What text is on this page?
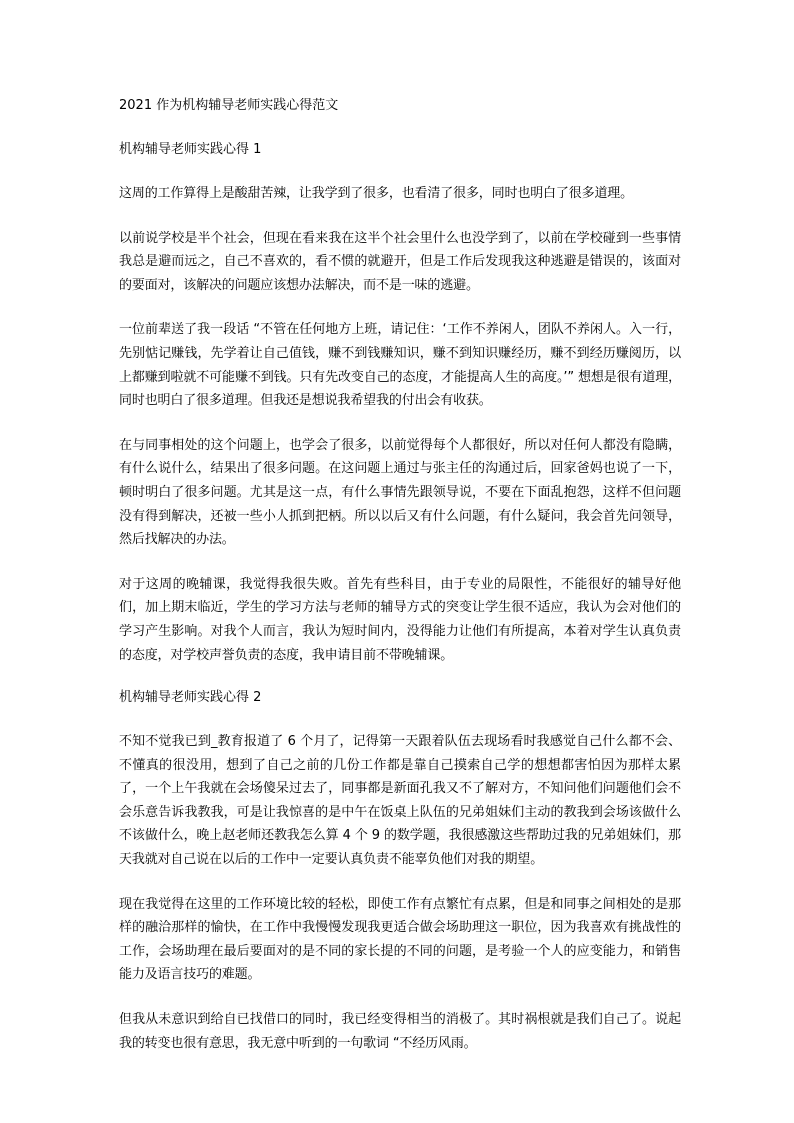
2021 作为机构辅导老师实践心得范文

机构辅导老师实践心得 1

这周的工作算得上是酸甜苦辣，让我学到了很多，也看清了很多，同时也明白了很多道理。

以前说学校是半个社会，但现在看来我在这半个社会里什么也没学到了，以前在学校碰到一些事情我总是避而远之，自己不喜欢的，看不惯的就避开，但是工作后发现我这种逃避是错误的，该面对的要面对，该解决的问题应该想办法解决，而不是一味的逃避。

一位前辈送了我一段话 “不管在任何地方上班，请记住：‘工作不养闲人，团队不养闲人。入一行，先别惦记赚钱，先学着让自己值钱，赚不到钱赚知识，赚不到知识赚经历，赚不到经历赚阅历，以上都赚到啦就不可能赚不到钱。只有先改变自己的态度，才能提高人生的高度。’” 想想是很有道理，同时也明白了很多道理。但我还是想说我希望我的付出会有收获。

在与同事相处的这个问题上，也学会了很多，以前觉得每个人都很好，所以对任何人都没有隐瞒，有什么说什么，结果出了很多问题。在这问题上通过与张主任的沟通过后，回家爸妈也说了一下，顿时明白了很多问题。尤其是这一点，有什么事情先跟领导说，不要在下面乱抱怨，这样不但问题没有得到解决，还被一些小人抓到把柄。所以以后又有什么问题，有什么疑问，我会首先问领导，然后找解决的办法。

对于这周的晚辅课，我觉得我很失败。首先有些科目，由于专业的局限性，不能很好的辅导好他们，加上期末临近，学生的学习方法与老师的辅导方式的突变让学生很不适应，我认为会对他们的学习产生影响。对我个人而言，我认为短时间内，没得能力让他们有所提高，本着对学生认真负责的态度，对学校声誉负责的态度，我申请目前不带晚辅课。

机构辅导老师实践心得 2

不知不觉我已到_教育报道了 6 个月了，记得第一天跟着队伍去现场看时我感觉自己什么都不会、不懂真的很没用，想到了自己之前的几份工作都是靠自己摸索自己学的想想都害怕因为那样太累了，一个上午我就在会场傻呆过去了，同事都是新面孔我又不了解对方，不知问他们问题他们会不会乐意告诉我教我，可是让我惊喜的是中午在饭桌上队伍的兄弟姐妹们主动的教我到会场该做什么不该做什么，晚上赵老师还教我怎么算 4 个 9 的数学题，我很感激这些帮助过我的兄弟姐妹们，那天我就对自己说在以后的工作中一定要认真负责不能辜负他们对我的期望。

现在我觉得在这里的工作环境比较的轻松，即使工作有点繁忙有点累，但是和同事之间相处的是那样的融洽那样的愉快，在工作中我慢慢发现我更适合做会场助理这一职位，因为我喜欢有挑战性的工作，会场助理在最后要面对的是不同的家长提的不同的问题，是考验一个人的应变能力，和销售能力及语言技巧的难题。

但我从未意识到给自已找借口的同时，我已经变得相当的消极了。其时祸根就是我们自己了。说起我的转变也很有意思，我无意中听到的一句歌词 “不经历风雨。
